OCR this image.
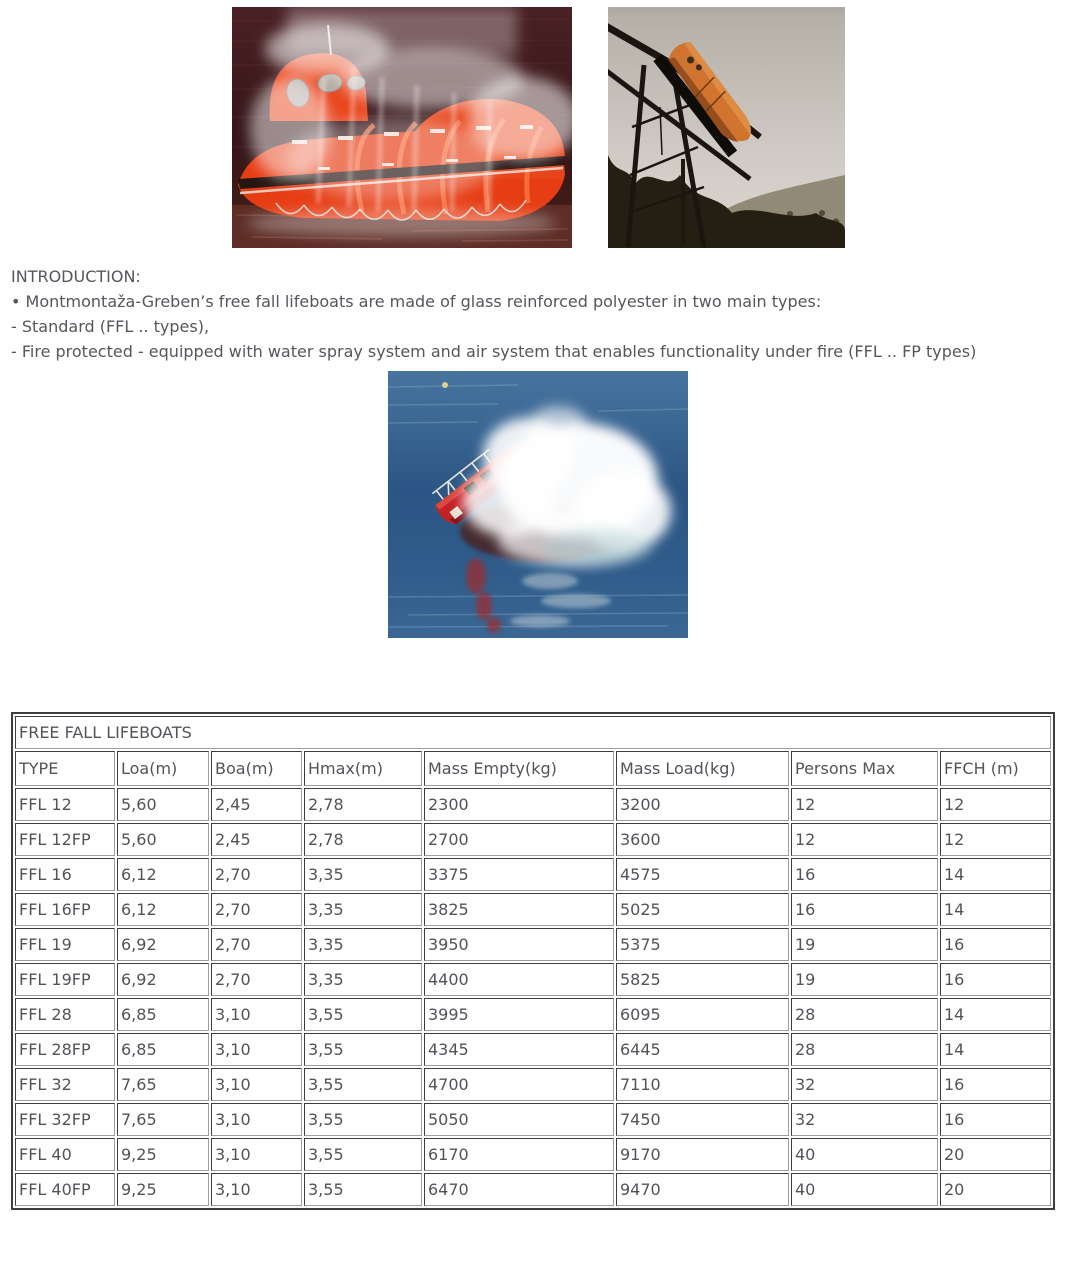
INTRODUCTION:

• Montmontaža-Greben’s free fall lifeboats are made of glass reinforced polyester in two main types:

- Standard (FFL .. types),

- Fire protected - equipped with water spray system and air system that enables functionality under fire (FFL .. FP types)

FREE FALL LIFEBOATS							
TYPE	Loa(m)	Boa(m)	Hmax(m)	Mass Empty(kg)	Mass Load(kg)	Persons Max	FFCH (m)
FFL 12	5,60	2,45	2,78	2300	3200	12	12
FFL 12FP	5,60	2,45	2,78	2700	3600	12	12
FFL 16	6,12	2,70	3,35	3375	4575	16	14
FFL 16FP	6,12	2,70	3,35	3825	5025	16	14
FFL 19	6,92	2,70	3,35	3950	5375	19	16
FFL 19FP	6,92	2,70	3,35	4400	5825	19	16
FFL 28	6,85	3,10	3,55	3995	6095	28	14
FFL 28FP	6,85	3,10	3,55	4345	6445	28	14
FFL 32	7,65	3,10	3,55	4700	7110	32	16
FFL 32FP	7,65	3,10	3,55	5050	7450	32	16
FFL 40	9,25	3,10	3,55	6170	9170	40	20
FFL 40FP	9,25	3,10	3,55	6470	9470	40	20
